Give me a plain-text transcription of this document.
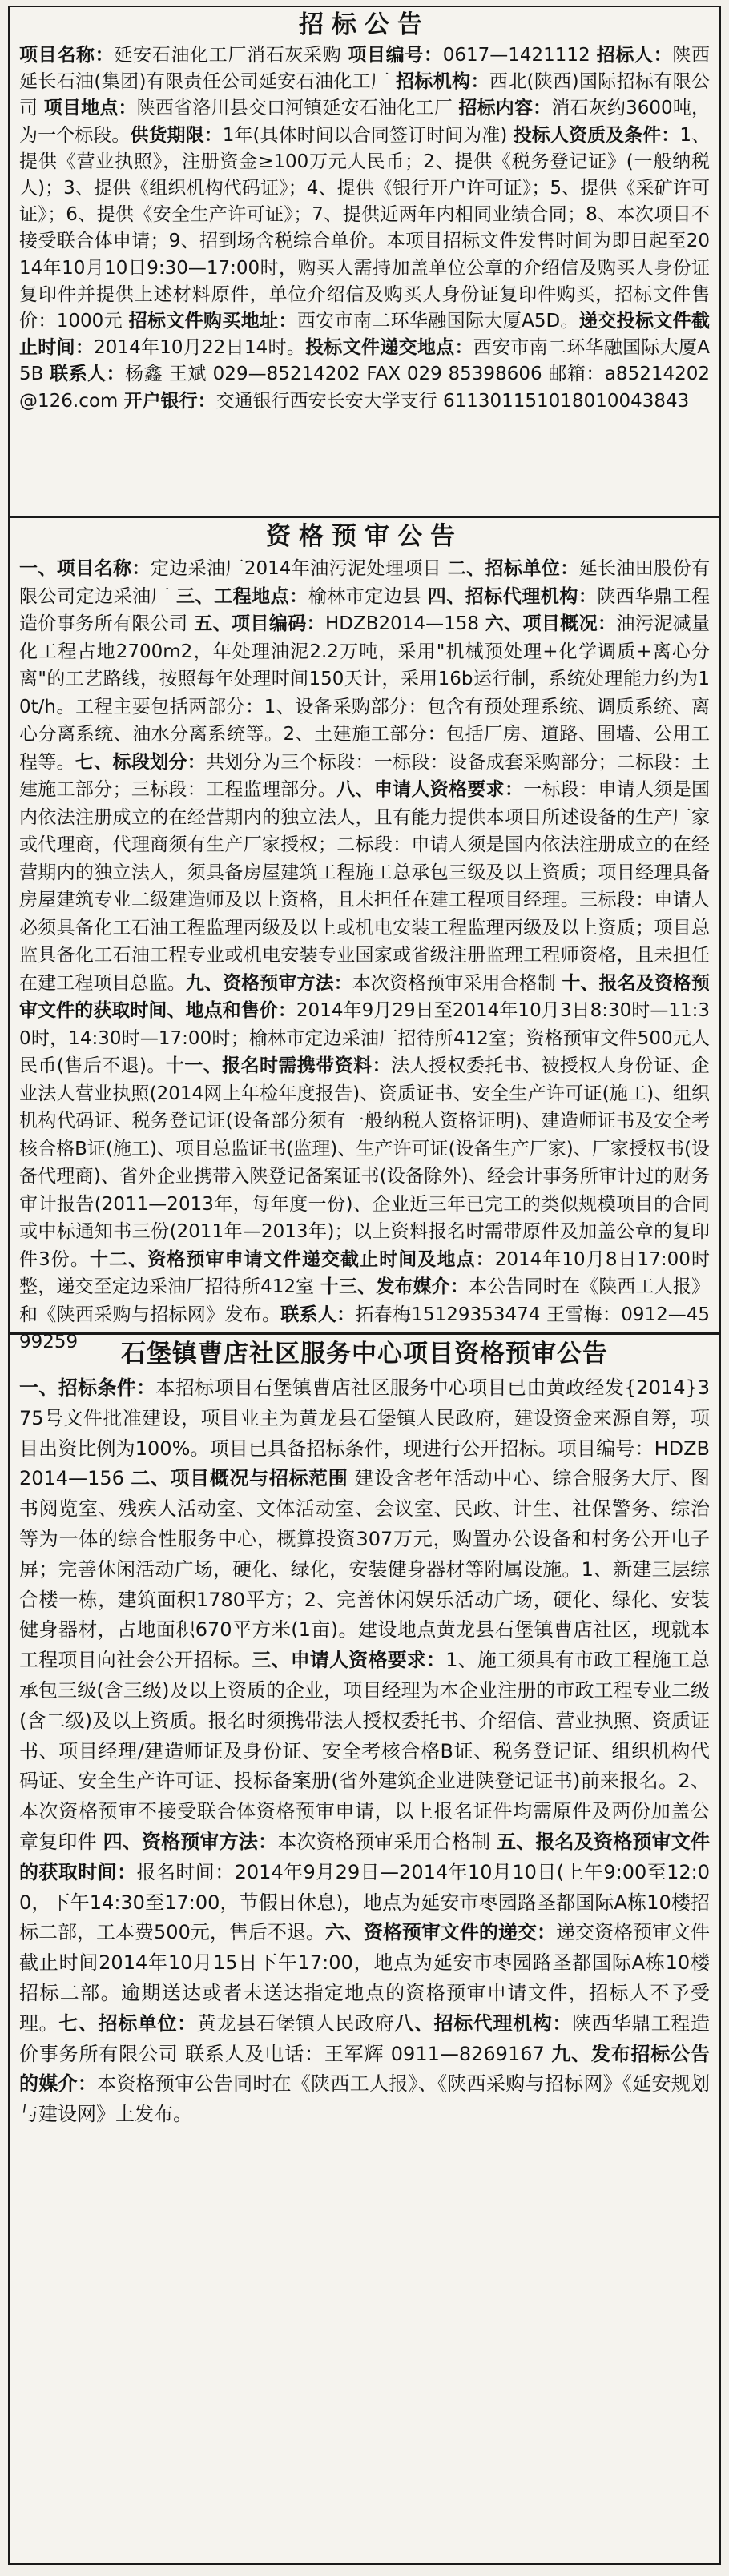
招标公告

项目名称：延安石油化工厂消石灰采购 项目编号：0617—1421112 招标人：陕西延长石油(集团)有限责任公司延安石油化工厂 招标机构：西北(陕西)国际招标有限公司 项目地点：陕西省洛川县交口河镇延安石油化工厂 招标内容：消石灰约3600吨，为一个标段。供货期限：1年(具体时间以合同签订时间为准) 投标人资质及条件：1、提供《营业执照》，注册资金≥100万元人民币；2、提供《税务登记证》(一般纳税人)；3、提供《组织机构代码证》；4、提供《银行开户许可证》；5、提供《采矿许可证》；6、提供《安全生产许可证》；7、提供近两年内相同业绩合同；8、本次项目不接受联合体申请；9、招到场含税综合单价。本项目招标文件发售时间为即日起至2014年10月10日9:30—17:00时，购买人需持加盖单位公章的介绍信及购买人身份证复印件并提供上述材料原件，单位介绍信及购买人身份证复印件购买，招标文件售价：1000元 招标文件购买地址：西安市南二环华融国际大厦A5D。递交投标文件截止时间：2014年10月22日14时。投标文件递交地点：西安市南二环华融国际大厦A5B 联系人：杨鑫 王斌 029—85214202 FAX 029 85398606 邮箱：a85214202@126.com 开户银行：交通银行西安长安大学支行 611301151018010043843

资格预审公告

一、项目名称：定边采油厂2014年油污泥处理项目 二、招标单位：延长油田股份有限公司定边采油厂 三、工程地点：榆林市定边县 四、招标代理机构：陕西华鼎工程造价事务所有限公司 五、项目编码：HDZB2014—158 六、项目概况：油污泥减量化工程占地2700m2，年处理油泥2.2万吨，采用"机械预处理+化学调质+离心分离"的工艺路线，按照每年处理时间150天计，采用16b运行制，系统处理能力约为10t/h。工程主要包括两部分：1、设备采购部分：包含有预处理系统、调质系统、离心分离系统、油水分离系统等。2、土建施工部分：包括厂房、道路、围墙、公用工程等。七、标段划分：共划分为三个标段：一标段：设备成套采购部分；二标段：土建施工部分；三标段：工程监理部分。八、申请人资格要求：一标段：申请人须是国内依法注册成立的在经营期内的独立法人，且有能力提供本项目所述设备的生产厂家或代理商，代理商须有生产厂家授权；二标段：申请人须是国内依法注册成立的在经营期内的独立法人，须具备房屋建筑工程施工总承包三级及以上资质；项目经理具备房屋建筑专业二级建造师及以上资格，且未担任在建工程项目经理。三标段：申请人必须具备化工石油工程监理丙级及以上或机电安装工程监理丙级及以上资质；项目总监具备化工石油工程专业或机电安装专业国家或省级注册监理工程师资格，且未担任在建工程项目总监。九、资格预审方法：本次资格预审采用合格制 十、报名及资格预审文件的获取时间、地点和售价：2014年9月29日至2014年10月3日8:30时—11:30时，14:30时—17:00时；榆林市定边采油厂招待所412室；资格预审文件500元人民币(售后不退)。十一、报名时需携带资料：法人授权委托书、被授权人身份证、企业法人营业执照(2014网上年检年度报告)、资质证书、安全生产许可证(施工)、组织机构代码证、税务登记证(设备部分须有一般纳税人资格证明)、建造师证书及安全考核合格B证(施工)、项目总监证书(监理)、生产许可证(设备生产厂家)、厂家授权书(设备代理商)、省外企业携带入陕登记备案证书(设备除外)、经会计事务所审计过的财务审计报告(2011—2013年，每年度一份)、企业近三年已完工的类似规模项目的合同或中标通知书三份(2011年—2013年)；以上资料报名时需带原件及加盖公章的复印件3份。十二、资格预审申请文件递交截止时间及地点：2014年10月8日17:00时整，递交至定边采油厂招待所412室 十三、发布媒介：本公告同时在《陕西工人报》和《陕西采购与招标网》发布。联系人：拓春梅15129353474 王雪梅：0912—4599259	石堡镇曹店社区服务中心项目资格预审公告

一、招标条件：本招标项目石堡镇曹店社区服务中心项目已由黄政经发{2014}375号文件批准建设，项目业主为黄龙县石堡镇人民政府，建设资金来源自筹，项目出资比例为100%。项目已具备招标条件，现进行公开招标。项目编号：HDZB2014—156 二、项目概况与招标范围 建设含老年活动中心、综合服务大厅、图书阅览室、残疾人活动室、文体活动室、会议室、民政、计生、社保警务、综治等为一体的综合性服务中心，概算投资307万元，购置办公设备和村务公开电子屏；完善休闲活动广场，硬化、绿化，安装健身器材等附属设施。1、新建三层综合楼一栋，建筑面积1780平方；2、完善休闲娱乐活动广场，硬化、绿化、安装健身器材，占地面积670平方米(1亩)。建设地点黄龙县石堡镇曹店社区，现就本工程项目向社会公开招标。三、申请人资格要求：1、施工须具有市政工程施工总承包三级(含三级)及以上资质的企业，项目经理为本企业注册的市政工程专业二级(含二级)及以上资质。报名时须携带法人授权委托书、介绍信、营业执照、资质证书、项目经理/建造师证及身份证、安全考核合格B证、税务登记证、组织机构代码证、安全生产许可证、投标备案册(省外建筑企业进陕登记证书)前来报名。2、本次资格预审不接受联合体资格预审申请，以上报名证件均需原件及两份加盖公章复印件 四、资格预审方法：本次资格预审采用合格制 五、报名及资格预审文件的获取时间：报名时间：2014年9月29日—2014年10月10日(上午9:00至12:00，下午14:30至17:00，节假日休息)，地点为延安市枣园路圣都国际A栋10楼招标二部，工本费500元，售后不退。六、资格预审文件的递交：递交资格预审文件截止时间2014年10月15日下午17:00，地点为延安市枣园路圣都国际A栋10楼招标二部。逾期送达或者未送达指定地点的资格预审申请文件，招标人不予受理。七、招标单位：黄龙县石堡镇人民政府八、招标代理机构：陕西华鼎工程造价事务所有限公司 联系人及电话：王军辉 0911—8269167 九、发布招标公告的媒介：本资格预审公告同时在《陕西工人报》、《陕西采购与招标网》《延安规划与建设网》上发布。
